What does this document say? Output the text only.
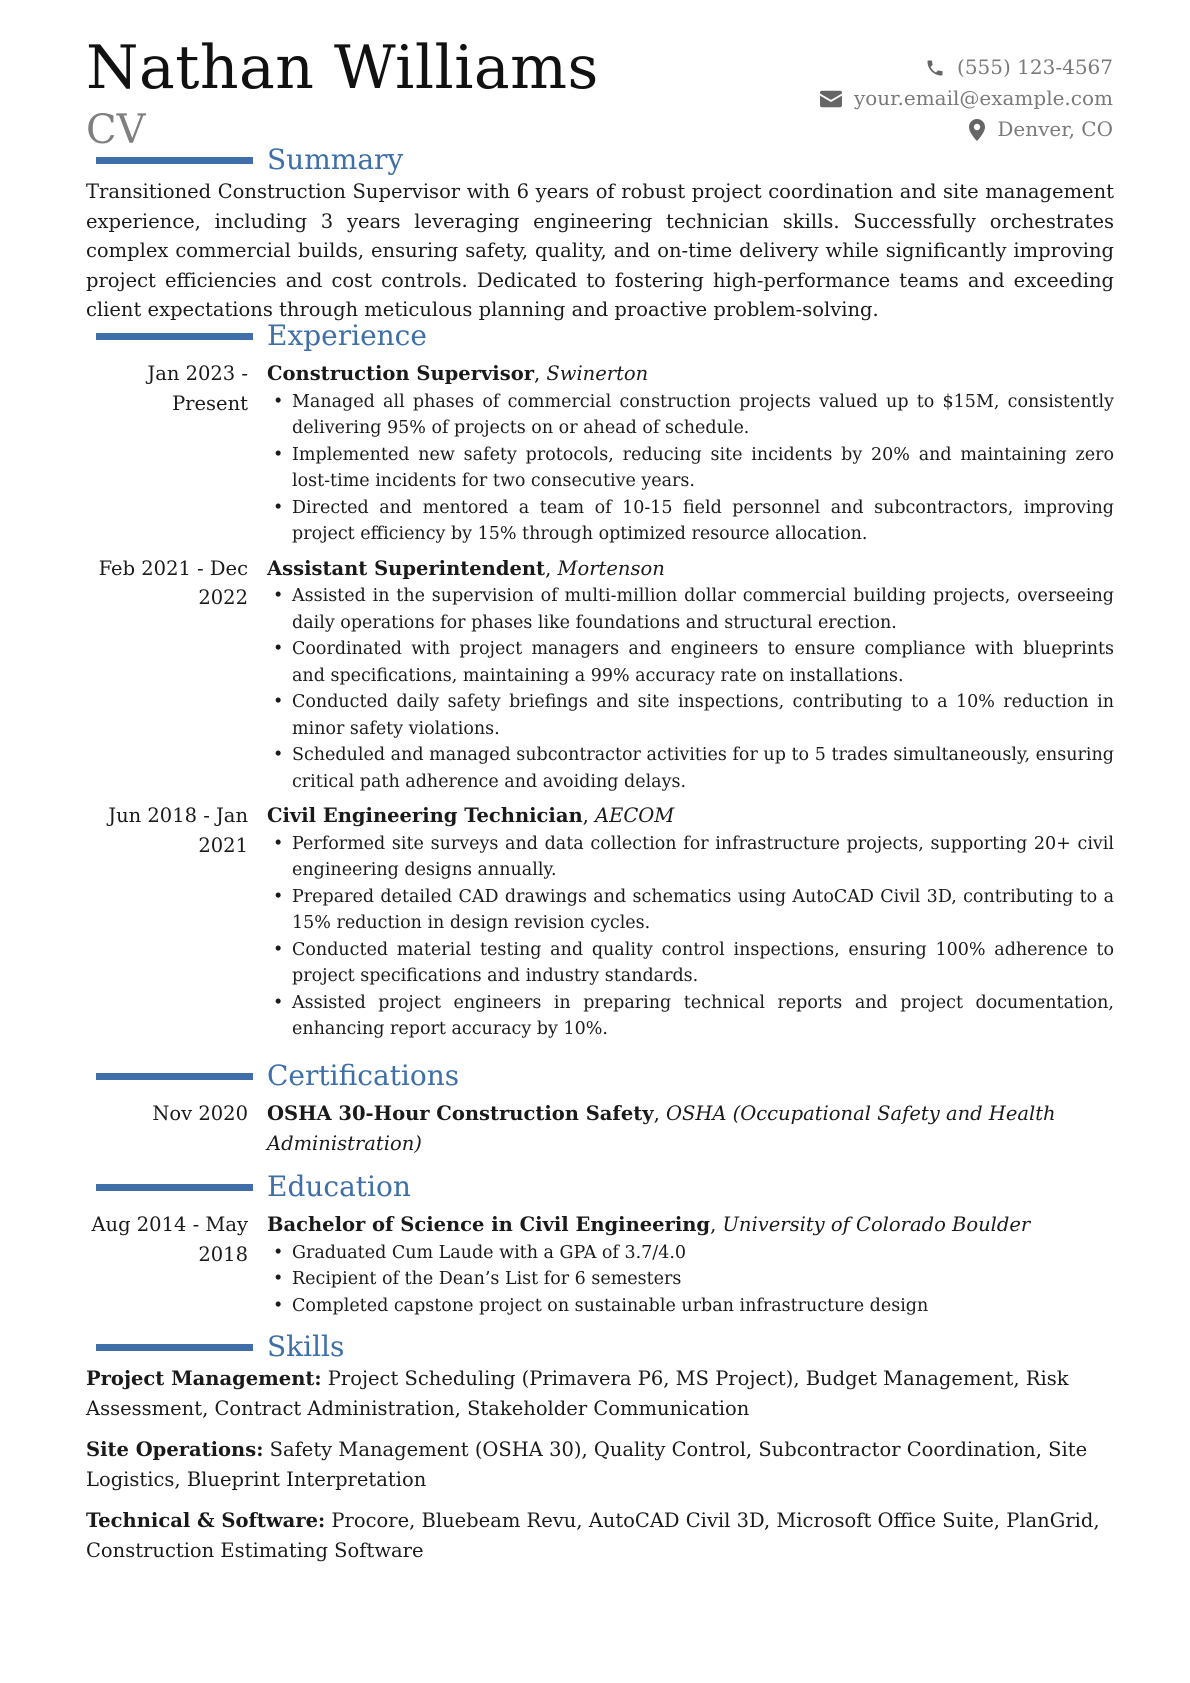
Nathan Williams
CV
(555) 123-4567
your.email@example.com
Denver, CO
Summary
Transitioned Construction Supervisor with 6 years of robust project coordination and site management experience, including 3 years leveraging engineering technician skills. Successfully orchestrates complex commercial builds, ensuring safety, quality, and on-time delivery while significantly improving project efficiencies and cost controls. Dedicated to fostering high-performance teams and exceeding client expectations through meticulous planning and proactive problem-solving.
Experience
Jan 2023 - Present
Construction Supervisor, Swinerton
• Managed all phases of commercial construction projects valued up to $15M, consistently delivering 95% of projects on or ahead of schedule.
• Implemented new safety protocols, reducing site incidents by 20% and maintaining zero lost-time incidents for two consecutive years.
• Directed and mentored a team of 10-15 field personnel and subcontractors, improving project efficiency by 15% through optimized resource allocation.
Feb 2021 - Dec 2022
Assistant Superintendent, Mortenson
• Assisted in the supervision of multi-million dollar commercial building projects, overseeing daily operations for phases like foundations and structural erection.
• Coordinated with project managers and engineers to ensure compliance with blueprints and specifications, maintaining a 99% accuracy rate on installations.
• Conducted daily safety briefings and site inspections, contributing to a 10% reduction in minor safety violations.
• Scheduled and managed subcontractor activities for up to 5 trades simultaneously, ensuring critical path adherence and avoiding delays.
Jun 2018 - Jan 2021
Civil Engineering Technician, AECOM
• Performed site surveys and data collection for infrastructure projects, supporting 20+ civil engineering designs annually.
• Prepared detailed CAD drawings and schematics using AutoCAD Civil 3D, contributing to a 15% reduction in design revision cycles.
• Conducted material testing and quality control inspections, ensuring 100% adherence to project specifications and industry standards.
• Assisted project engineers in preparing technical reports and project documentation, enhancing report accuracy by 10%.
Certifications
Nov 2020 OSHA 30-Hour Construction Safety, OSHA (Occupational Safety and Health Administration)
Education
Aug 2014 - May 2018
Bachelor of Science in Civil Engineering, University of Colorado Boulder
• Graduated Cum Laude with a GPA of 3.7/4.0
• Recipient of the Dean’s List for 6 semesters
• Completed capstone project on sustainable urban infrastructure design
Skills
Project Management: Project Scheduling (Primavera P6, MS Project), Budget Management, Risk Assessment, Contract Administration, Stakeholder Communication
Site Operations: Safety Management (OSHA 30), Quality Control, Subcontractor Coordination, Site Logistics, Blueprint Interpretation
Technical & Software: Procore, Bluebeam Revu, AutoCAD Civil 3D, Microsoft Office Suite, PlanGrid, Construction Estimating Software
